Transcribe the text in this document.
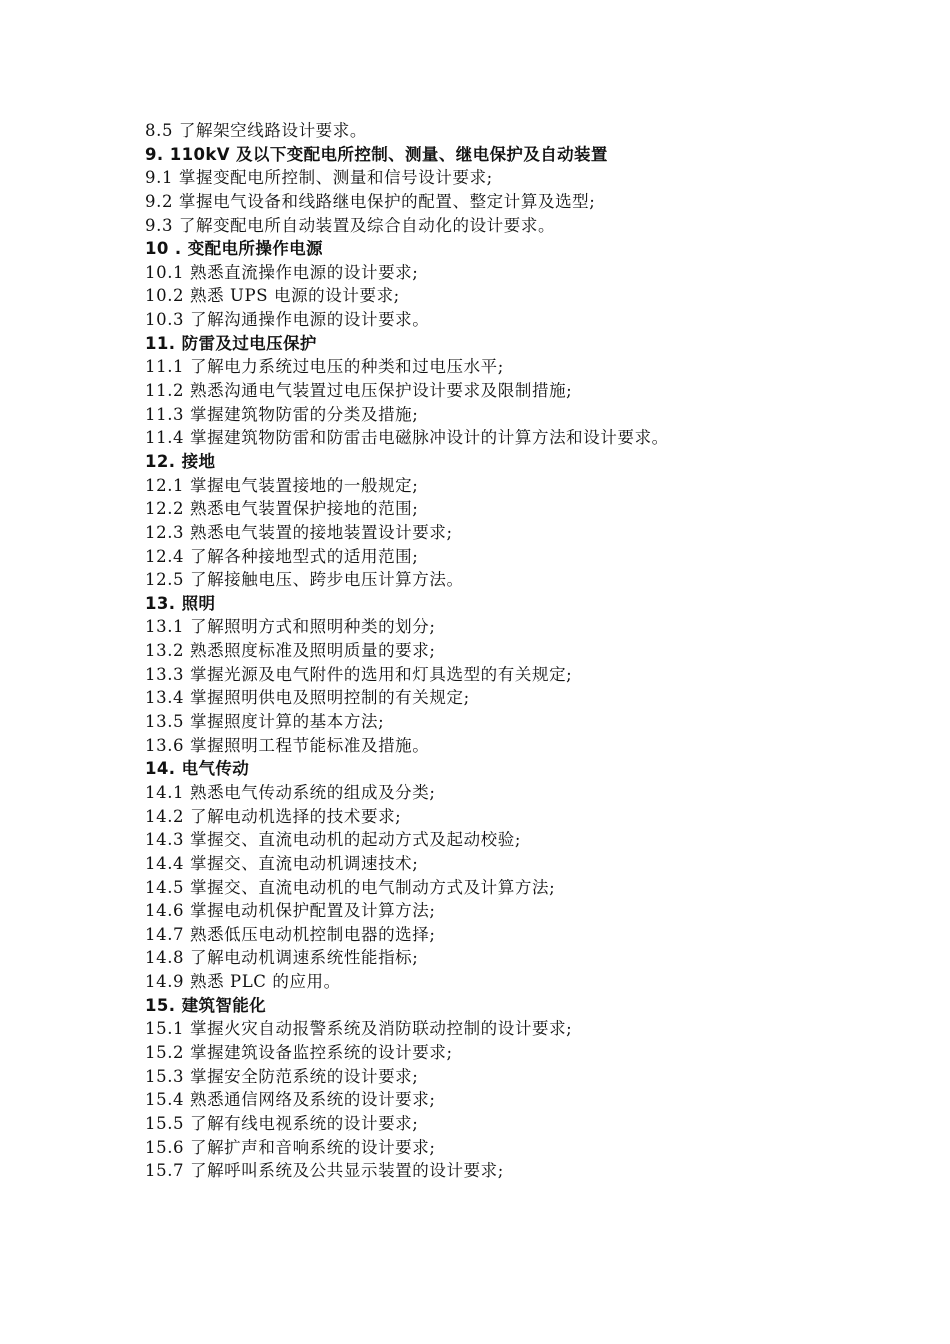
8.5 了解架空线路设计要求。
9. 110kV 及以下变配电所控制、测量、继电保护及自动装置
9.1 掌握变配电所控制、测量和信号设计要求;
9.2 掌握电气设备和线路继电保护的配置、整定计算及选型;
9.3 了解变配电所自动装置及综合自动化的设计要求。
10 . 变配电所操作电源
10.1 熟悉直流操作电源的设计要求;
10.2 熟悉 UPS 电源的设计要求;
10.3 了解沟通操作电源的设计要求。
11. 防雷及过电压保护
11.1 了解电力系统过电压的种类和过电压水平;
11.2 熟悉沟通电气装置过电压保护设计要求及限制措施;
11.3 掌握建筑物防雷的分类及措施;
11.4 掌握建筑物防雷和防雷击电磁脉冲设计的计算方法和设计要求。
12. 接地
12.1 掌握电气装置接地的一般规定;
12.2 熟悉电气装置保护接地的范围;
12.3 熟悉电气装置的接地装置设计要求;
12.4 了解各种接地型式的适用范围;
12.5 了解接触电压、跨步电压计算方法。
13. 照明
13.1 了解照明方式和照明种类的划分;
13.2 熟悉照度标准及照明质量的要求;
13.3 掌握光源及电气附件的选用和灯具选型的有关规定;
13.4 掌握照明供电及照明控制的有关规定;
13.5 掌握照度计算的基本方法;
13.6 掌握照明工程节能标准及措施。
14. 电气传动
14.1 熟悉电气传动系统的组成及分类;
14.2 了解电动机选择的技术要求;
14.3 掌握交、直流电动机的起动方式及起动校验;
14.4 掌握交、直流电动机调速技术;
14.5 掌握交、直流电动机的电气制动方式及计算方法;
14.6 掌握电动机保护配置及计算方法;
14.7 熟悉低压电动机控制电器的选择;
14.8 了解电动机调速系统性能指标;
14.9 熟悉 PLC 的应用。
15. 建筑智能化
15.1 掌握火灾自动报警系统及消防联动控制的设计要求;
15.2 掌握建筑设备监控系统的设计要求;
15.3 掌握安全防范系统的设计要求;
15.4 熟悉通信网络及系统的设计要求;
15.5 了解有线电视系统的设计要求;
15.6 了解扩声和音响系统的设计要求;
15.7 了解呼叫系统及公共显示装置的设计要求;
